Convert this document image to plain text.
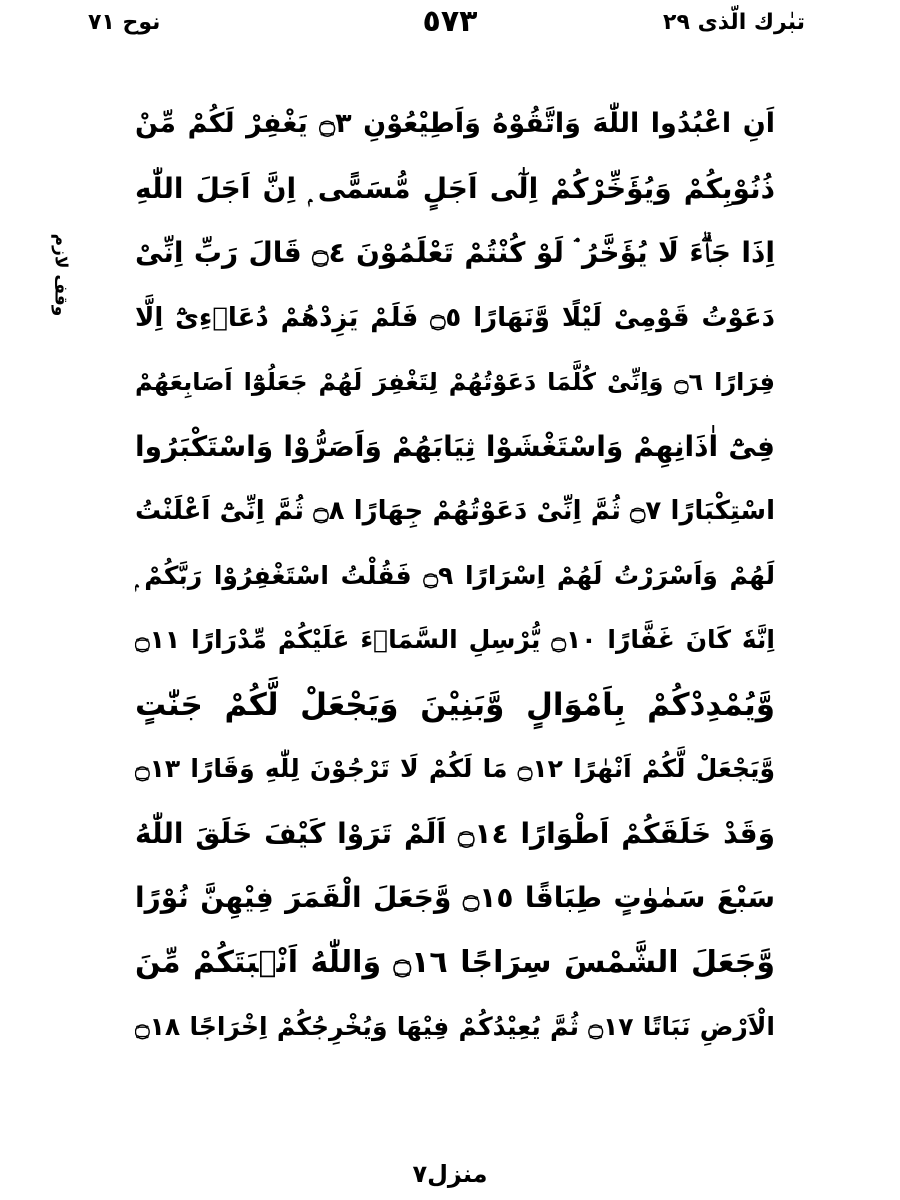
نوح ٧١	٥٧٣	تبٰرك الّذى ٢٩
وقف لازم
اَنِ اعْبُدُوا اللّٰهَ وَاتَّقُوْهُ وَاَطِيْعُوْنِ ۝٣ يَغْفِرْ لَكُمْ مِّنْ
ذُنُوْبِكُمْ وَيُؤَخِّرْكُمْ اِلٰٓى اَجَلٍ مُّسَمًّى ۭ اِنَّ اَجَلَ اللّٰهِ
اِذَا جَاۗءَ لَا يُؤَخَّرُ ۘ لَوْ كُنْتُمْ تَعْلَمُوْنَ ۝٤ قَالَ رَبِّ اِنِّىْ
دَعَوْتُ قَوْمِىْ لَيْلًا وَّنَهَارًا ۝٥ فَلَمْ يَزِدْهُمْ دُعَاۗءِىْٓ اِلَّا
فِرَارًا ۝٦ وَاِنِّىْ كُلَّمَا دَعَوْتُهُمْ لِتَغْفِرَ لَهُمْ جَعَلُوْٓا اَصَابِعَهُمْ
فِىْٓ اٰذَانِهِمْ وَاسْتَغْشَوْا ثِيَابَهُمْ وَاَصَرُّوْا وَاسْتَكْبَرُوا
اسْتِكْبَارًا ۝٧ ثُمَّ اِنِّىْ دَعَوْتُهُمْ جِهَارًا ۝٨ ثُمَّ اِنِّىْٓ اَعْلَنْتُ
لَهُمْ وَاَسْرَرْتُ لَهُمْ اِسْرَارًا ۝٩ فَقُلْتُ اسْتَغْفِرُوْا رَبَّكُمْ ۭ
اِنَّهٗ كَانَ غَفَّارًا ۝١٠ يُّرْسِلِ السَّمَاۗءَ عَلَيْكُمْ مِّدْرَارًا ۝١١
وَّيُمْدِدْكُمْ بِاَمْوَالٍ وَّبَنِيْنَ وَيَجْعَلْ لَّكُمْ جَنّٰتٍ
وَّيَجْعَلْ لَّكُمْ اَنْهٰرًا ۝١٢ مَا لَكُمْ لَا تَرْجُوْنَ لِلّٰهِ وَقَارًا ۝١٣
وَقَدْ خَلَقَكُمْ اَطْوَارًا ۝١٤ اَلَمْ تَرَوْا كَيْفَ خَلَقَ اللّٰهُ
سَبْعَ سَمٰوٰتٍ طِبَاقًا ۝١٥ وَّجَعَلَ الْقَمَرَ فِيْهِنَّ نُوْرًا
وَّجَعَلَ الشَّمْسَ سِرَاجًا ۝١٦ وَاللّٰهُ اَنْۢبَتَكُمْ مِّنَ
الْاَرْضِ نَبَاتًا ۝١٧ ثُمَّ يُعِيْدُكُمْ فِيْهَا وَيُخْرِجُكُمْ اِخْرَاجًا ۝١٨
منزل٧
